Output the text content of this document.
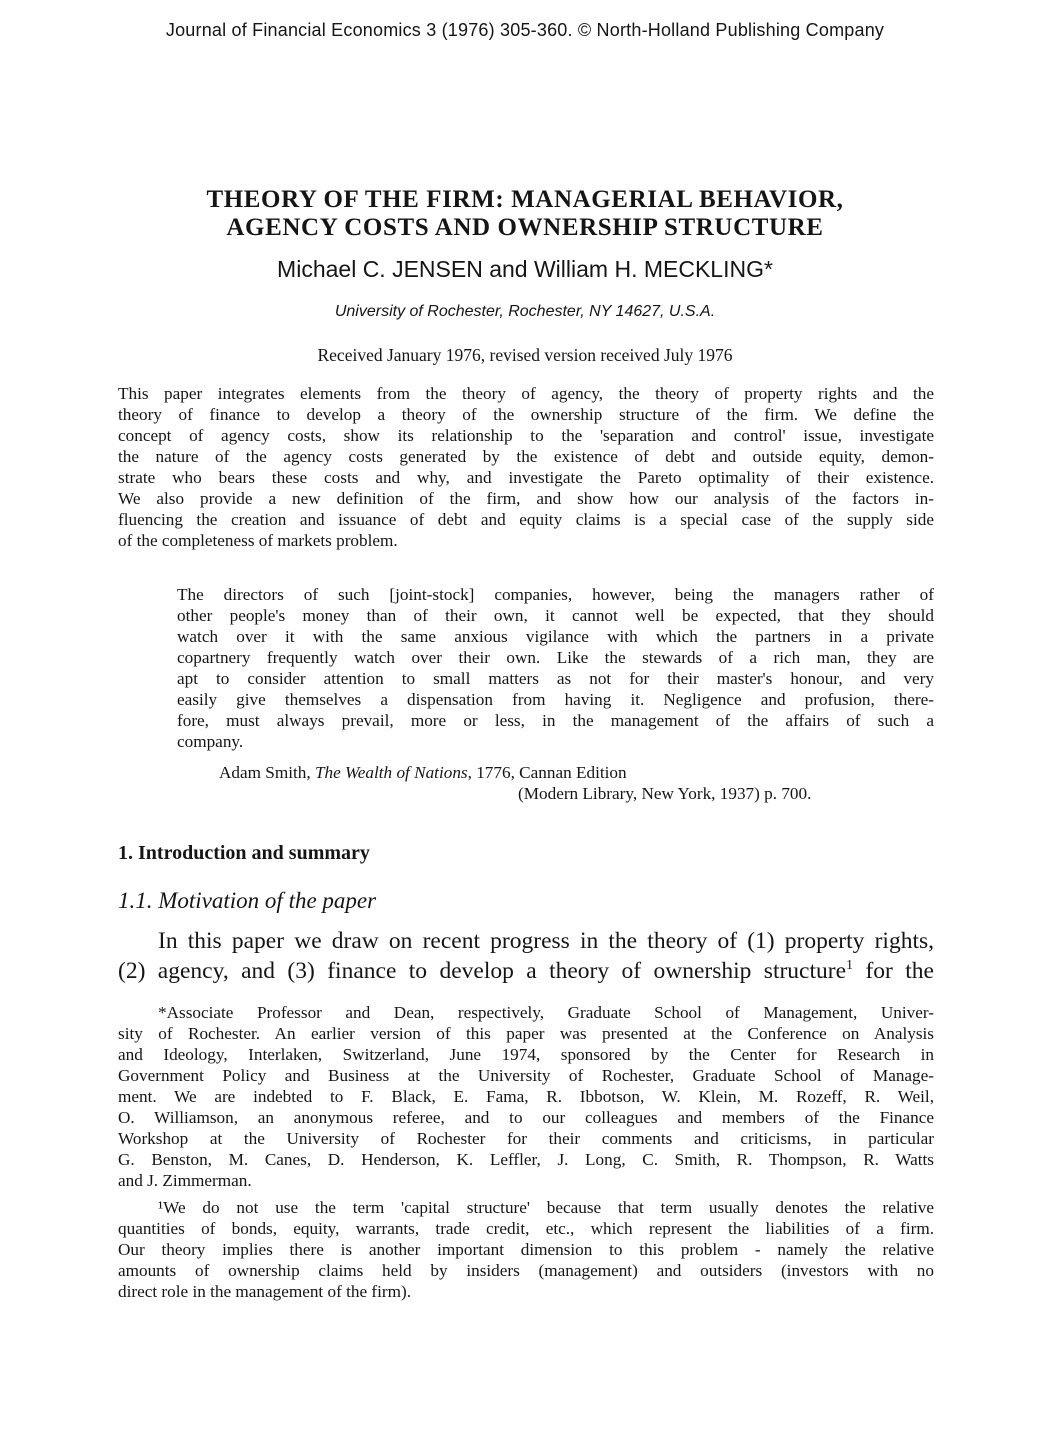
Journal of Financial Economics 3 (1976) 305-360. © North-Holland Publishing Company
THEORY OF THE FIRM: MANAGERIAL BEHAVIOR,
AGENCY COSTS AND OWNERSHIP STRUCTURE
Michael C. JENSEN and William H. MECKLING*
University of Rochester, Rochester, NY 14627, U.S.A.
Received January 1976, revised version received July 1976
This paper integrates elements from the theory of agency, the theory of property rights and the
theory of finance to develop a theory of the ownership structure of the firm. We define the
concept of agency costs, show its relationship to the 'separation and control' issue, investigate
the nature of the agency costs generated by the existence of debt and outside equity, demon-
strate who bears these costs and why, and investigate the Pareto optimality of their existence.
We also provide a new definition of the firm, and show how our analysis of the factors in-
fluencing the creation and issuance of debt and equity claims is a special case of the supply side
of the completeness of markets problem.
The directors of such [joint-stock] companies, however, being the managers rather of
other people's money than of their own, it cannot well be expected, that they should
watch over it with the same anxious vigilance with which the partners in a private
copartnery frequently watch over their own. Like the stewards of a rich man, they are
apt to consider attention to small matters as not for their master's honour, and very
easily give themselves a dispensation from having it. Negligence and profusion, there-
fore, must always prevail, more or less, in the management of the affairs of such a
company.
Adam Smith, The Wealth of Nations, 1776, Cannan Edition
(Modern Library, New York, 1937) p. 700.
1. Introduction and summary
1.1. Motivation of the paper
In this paper we draw on recent progress in the theory of (1) property rights,
(2) agency, and (3) finance to develop a theory of ownership structure$^1$ for the
*Associate Professor and Dean, respectively, Graduate School of Management, Univer-
sity of Rochester. An earlier version of this paper was presented at the Conference on Analysis
and Ideology, Interlaken, Switzerland, June 1974, sponsored by the Center for Research in
Government Policy and Business at the University of Rochester, Graduate School of Manage-
ment. We are indebted to F. Black, E. Fama, R. Ibbotson, W. Klein, M. Rozeff, R. Weil,
O. Williamson, an anonymous referee, and to our colleagues and members of the Finance
Workshop at the University of Rochester for their comments and criticisms, in particular
G. Benston, M. Canes, D. Henderson, K. Leffler, J. Long, C. Smith, R. Thompson, R. Watts
and J. Zimmerman.
¹We do not use the term 'capital structure' because that term usually denotes the relative
quantities of bonds, equity, warrants, trade credit, etc., which represent the liabilities of a firm.
Our theory implies there is another important dimension to this problem - namely the relative
amounts of ownership claims held by insiders (management) and outsiders (investors with no
direct role in the management of the firm).
